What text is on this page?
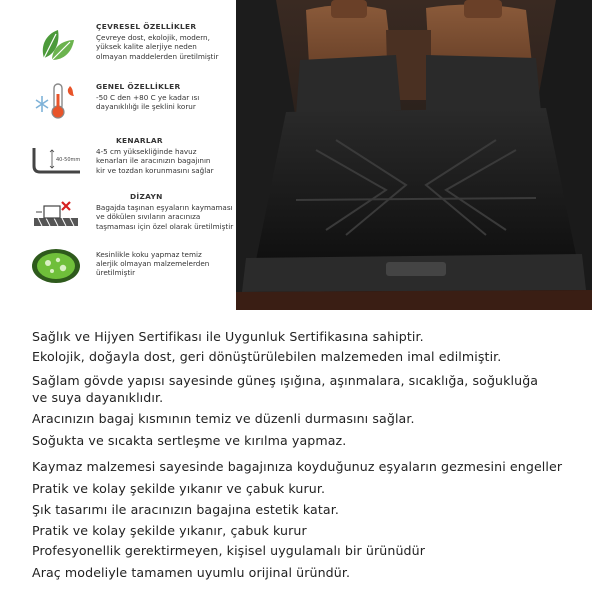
ÇEVRESEL ÖZELLİKLER
Çevreye dost, ekolojik, modern,
yüksek kalite alerjiye neden
olmayan maddelerden üretilmiştir
GENEL ÖZELLİKLER
-50 C den +80 C ye kadar ısı
dayanıklılığı ile şeklini korur
40-50mm
KENARLAR
4-5 cm yüksekliğinde havuz
kenarları ile aracınızın bagajının
kir ve tozdan korunmasını sağlar
DİZAYN
Bagajda taşınan eşyaların kaymaması
ve dökülen sıvıların aracınıza
taşmaması için özel olarak üretilmiştir
Kesinlikle koku yapmaz temiz
alerjik olmayan malzemelerden
üretilmiştir
Sağlık ve Hijyen Sertifikası ile Uygunluk Sertifikasına sahiptir.
Ekolojik, doğayla dost, geri dönüştürülebilen malzemeden imal edilmiştir.
Sağlam gövde yapısı sayesinde güneş ışığına, aşınmalara, sıcaklığa, soğukluğa
ve suya dayanıklıdır.
Aracınızın bagaj kısmının temiz ve düzenli durmasını sağlar.
Soğukta ve sıcakta sertleşme ve kırılma yapmaz.
Kaymaz malzemesi sayesinde bagajınıza koyduğunuz eşyaların gezmesini engeller
Pratik ve kolay şekilde yıkanır ve çabuk kurur.
Şık tasarımı ile aracınızın bagajına estetik katar.
Pratik ve kolay şekilde yıkanır, çabuk kurur
Profesyonellik gerektirmeyen, kişisel uygulamalı bir ürünüdür
Araç modeliyle tamamen uyumlu orijinal üründür.
